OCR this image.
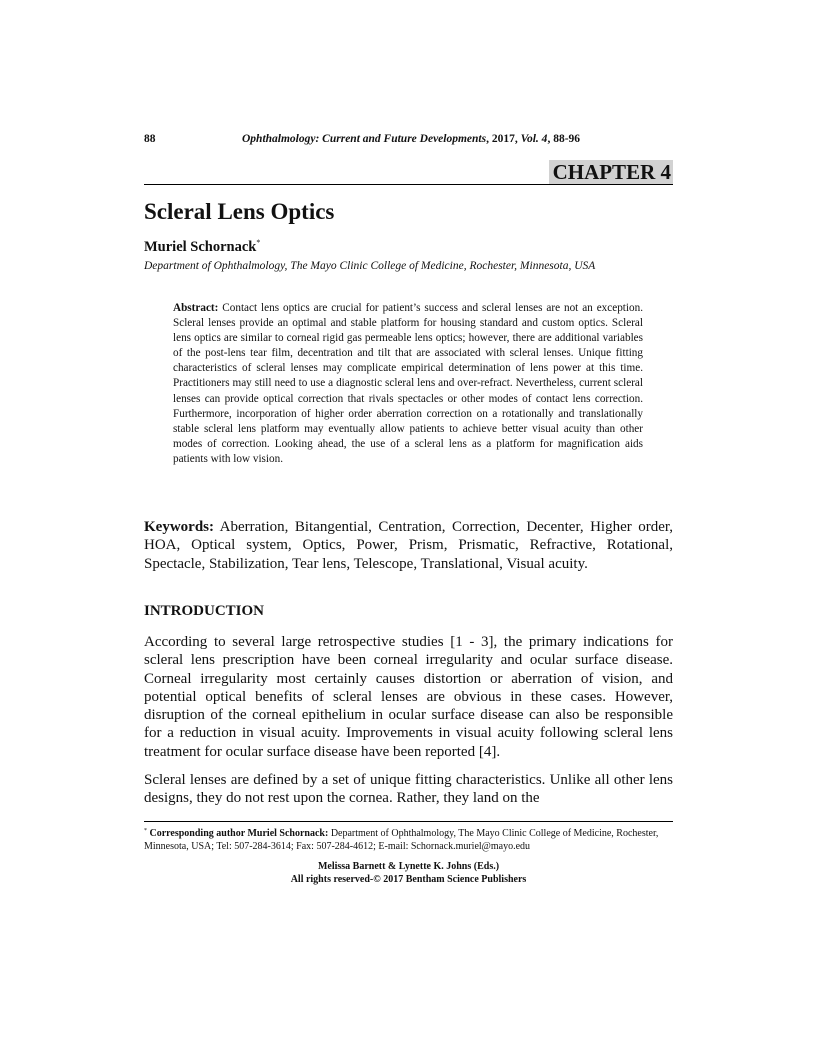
88	Ophthalmology: Current and Future Developments, 2017, Vol. 4, 88-96
CHAPTER 4
Scleral Lens Optics
Muriel Schornack*
Department of Ophthalmology, The Mayo Clinic College of Medicine, Rochester, Minnesota, USA

Abstract: Contact lens optics are crucial for patient’s success and scleral lenses are not an exception. Scleral lenses provide an optimal and stable platform for housing standard and custom optics. Scleral lens optics are similar to corneal rigid gas permeable lens optics; however, there are additional variables of the post-lens tear film, decentration and tilt that are associated with scleral lenses. Unique fitting characteristics of scleral lenses may complicate empirical determination of lens power at this time. Practitioners may still need to use a diagnostic scleral lens and over-refract. Nevertheless, current scleral lenses can provide optical correction that rivals spectacles or other modes of contact lens correction. Furthermore, incorporation of higher order aberration correction on a rotationally and translationally stable scleral lens platform may eventually allow patients to achieve better visual acuity than other modes of correction. Looking ahead, the use of a scleral lens as a platform for magnification aids patients with low vision.

Keywords: Aberration, Bitangential, Centration, Correction, Decenter, Higher order, HOA, Optical system, Optics, Power, Prism, Prismatic, Refractive, Rotational, Spectacle, Stabilization, Tear lens, Telescope, Translational, Visual acuity.

INTRODUCTION

According to several large retrospective studies [1 - 3], the primary indications for scleral lens prescription have been corneal irregularity and ocular surface disease. Corneal irregularity most certainly causes distortion or aberration of vision, and potential optical benefits of scleral lenses are obvious in these cases. However, disruption of the corneal epithelium in ocular surface disease can also be responsible for a reduction in visual acuity. Improvements in visual acuity following scleral lens treatment for ocular surface disease have been reported [4].

Scleral lenses are defined by a set of unique fitting characteristics. Unlike all other lens designs, they do not rest upon the cornea. Rather, they land on the

* Corresponding author Muriel Schornack: Department of Ophthalmology, The Mayo Clinic College of Medicine, Rochester, Minnesota, USA; Tel: 507-284-3614; Fax: 507-284-4612; E-mail: Schornack.muriel@mayo.edu

Melissa Barnett & Lynette K. Johns (Eds.)
All rights reserved-© 2017 Bentham Science Publishers
